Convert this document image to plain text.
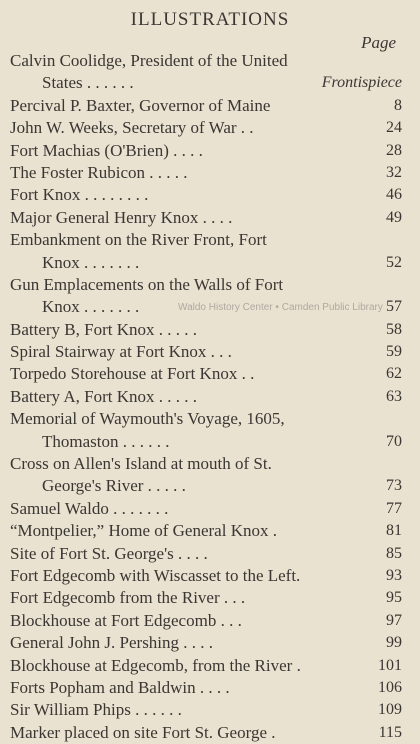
ILLUSTRATIONS
Page
Calvin Coolidge, President of the United
States . . . . . .	Frontispiece
Percival P. Baxter, Governor of Maine	8
John W. Weeks, Secretary of War . .	24
Fort Machias (O'Brien) . . . .	28
The Foster Rubicon . . . . .	32
Fort Knox . . . . . . . .	46
Major General Henry Knox . . . .	49
Embankment on the River Front, Fort
Knox . . . . . . .	52
Gun Emplacements on the Walls of Fort
Knox . . . . . . .	57
Battery B, Fort Knox . . . . .	58
Spiral Stairway at Fort Knox . . .	59
Torpedo Storehouse at Fort Knox . .	62
Battery A, Fort Knox . . . . .	63
Memorial of Waymouth's Voyage, 1605,
Thomaston . . . . . .	70
Cross on Allen's Island at mouth of St.
George's River . . . . .	73
Samuel Waldo . . . . . . .	77
“Montpelier,” Home of General Knox .	81
Site of Fort St. George's . . . .	85
Fort Edgecomb with Wiscasset to the Left.	93
Fort Edgecomb from the River . . .	95
Blockhouse at Fort Edgecomb . . .	97
General John J. Pershing . . . .	99
Blockhouse at Edgecomb, from the River .	101
Forts Popham and Baldwin . . . .	106
Sir William Phips . . . . . .	109
Marker placed on site Fort St. George .	115
Waldo History Center • Camden Public Library
